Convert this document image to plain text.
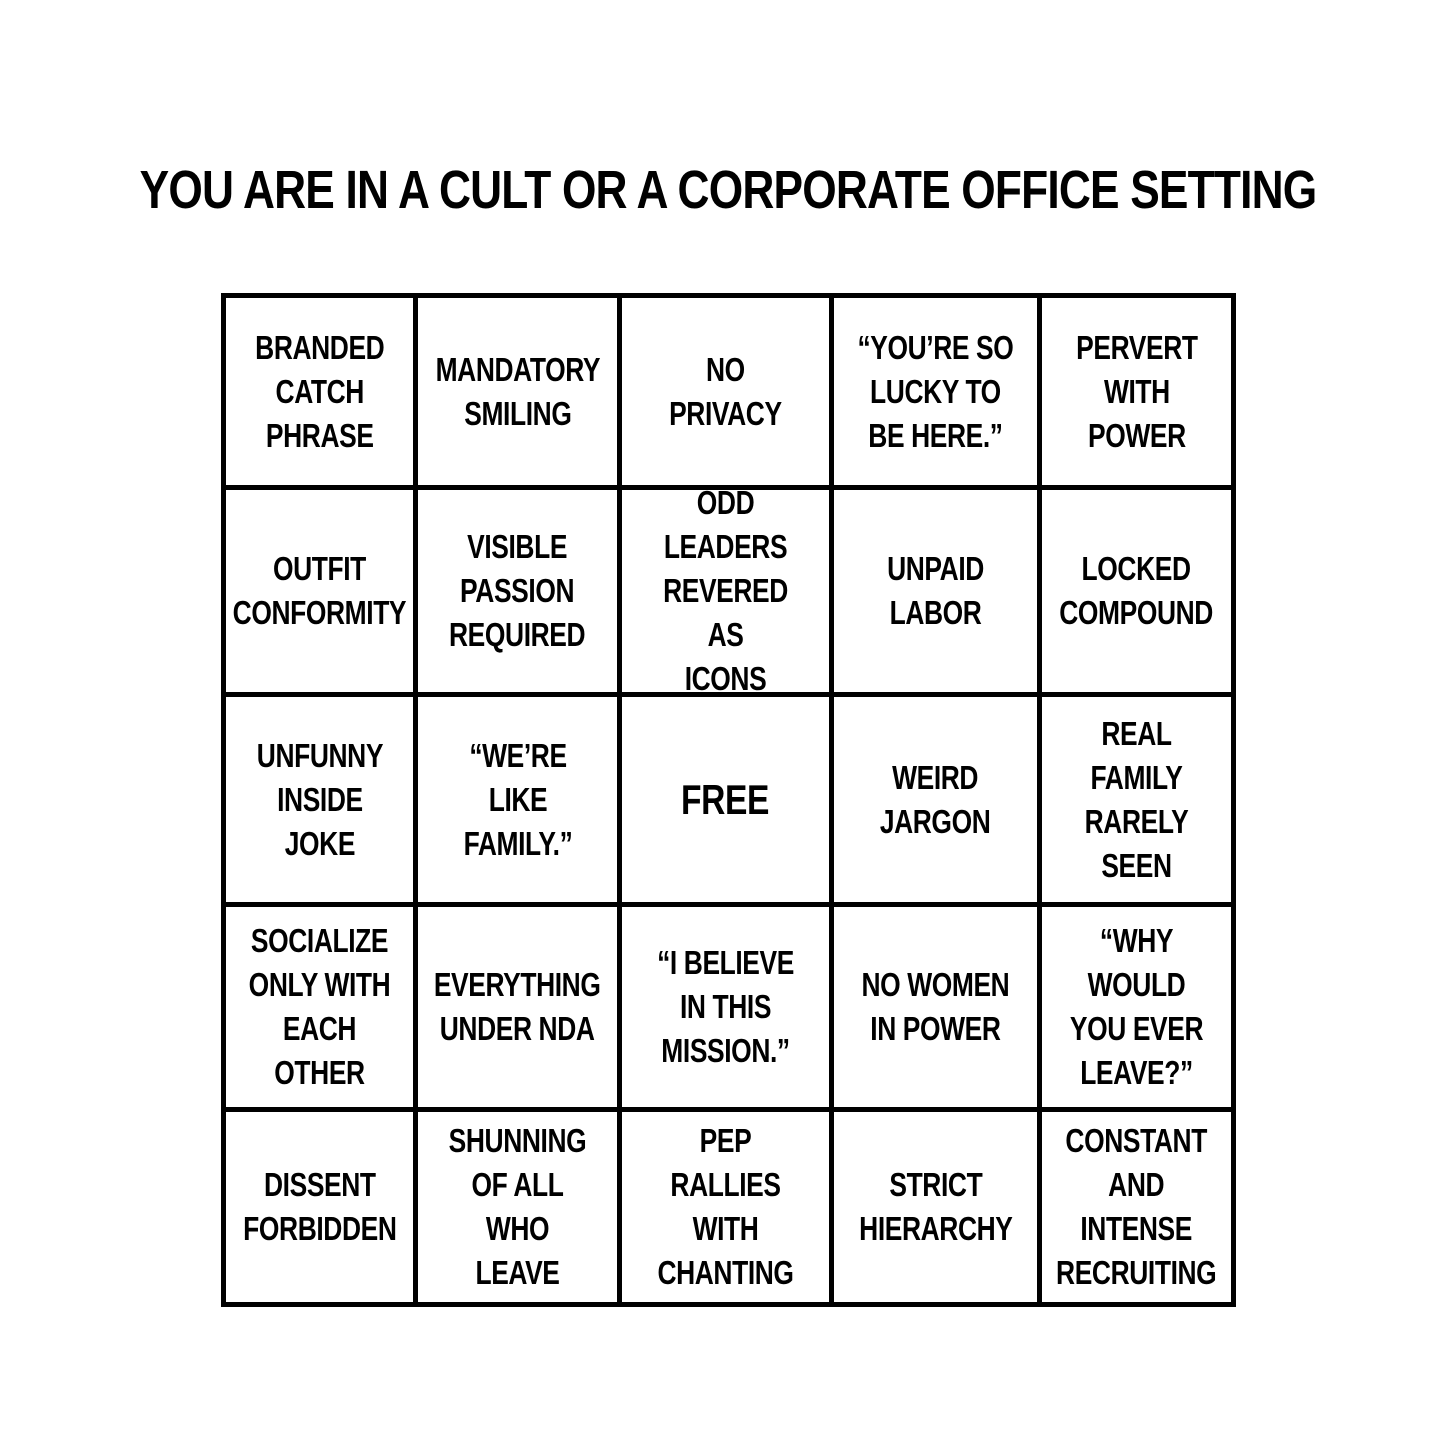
YOU ARE IN A CULT OR A CORPORATE OFFICE SETTING
BRANDED
CATCH
PHRASE
MANDATORY
SMILING
NO
PRIVACY
“YOU’RE SO
LUCKY TO
BE HERE.”
PERVERT
WITH
POWER
OUTFIT
CONFORMITY
VISIBLE
PASSION
REQUIRED
ODD LEADERS
REVERED AS
ICONS
UNPAID
LABOR
LOCKED
COMPOUND
UNFUNNY
INSIDE
JOKE
“WE’RE
LIKE
FAMILY.”
FREE	WEIRD
JARGON
REAL FAMILY
RARELY SEEN
SOCIALIZE
ONLY WITH
EACH OTHER
EVERYTHING
UNDER NDA
“I BELIEVE
IN THIS
MISSION.”
NO WOMEN
IN POWER
“WHY WOULD
YOU EVER
LEAVE?”
DISSENT
FORBIDDEN
SHUNNING
OF ALL WHO
LEAVE
PEP RALLIES
WITH
CHANTING
STRICT
HIERARCHY
CONSTANT AND
INTENSE
RECRUITING
